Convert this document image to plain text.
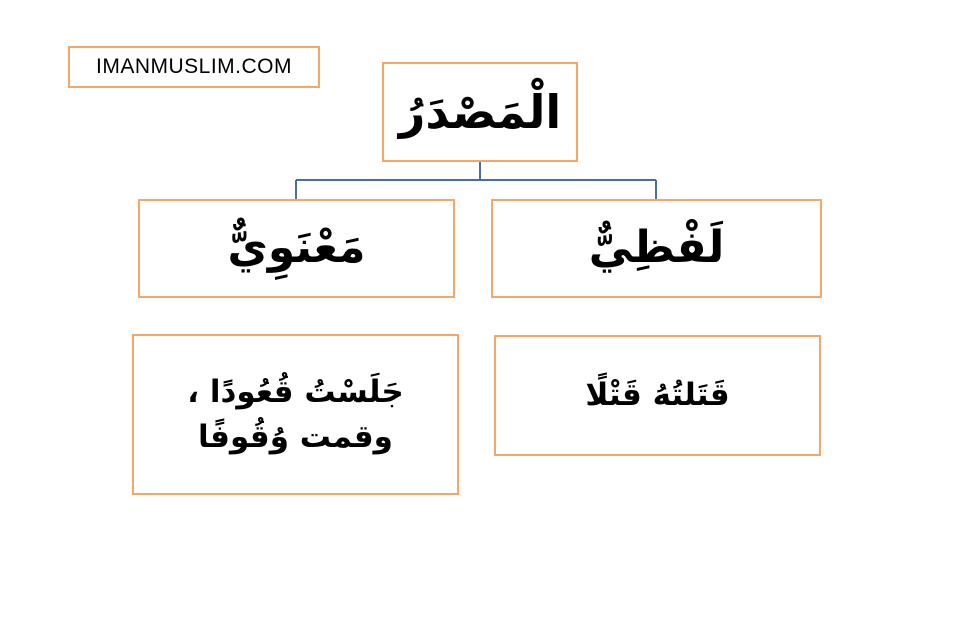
IMANMUSLIM.COM
الْمَصْدَرُ
مَعْنَوِيٌّ	لَفْظِيٌّ
جَلَسْتُ قُعُودًا ، وقمت وُقُوفًا
قَتَلتُهُ قَتْلًا
